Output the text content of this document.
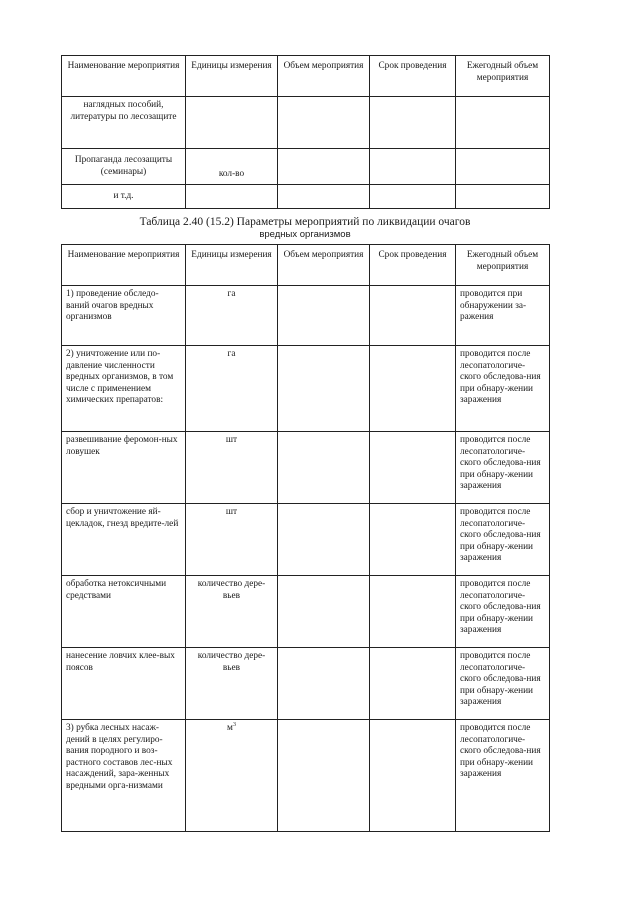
Наименование мероприятия	Единицы измерения	Объем мероприятия	Срок проведения	Ежегодный объем мероприятия
наглядных пособий, литературы по лесозащите				
Пропаганда лесозащиты (семинары)	кол-во			
и т.д.				
Таблица 2.40 (15.2) Параметры мероприятий по ликвидации очагов
вредных организмов
Наименование мероприятия	Единицы измерения	Объем мероприятия	Срок проведения	Ежегодный объем мероприятия
1) проведение обследо-ваний очагов вредных организмов	га			проводится при обнаружении за-ражения
2) уничтожение или по-давление численности вредных организмов, в том числе с применением химических препаратов:	га			проводится после лесопатологиче-ского обследова-ния при обнару-жении заражения
развешивание феромон-ных ловушек	шт			проводится после лесопатологиче-ского обследова-ния при обнару-жении заражения
сбор и уничтожение яй-цекладок, гнезд вредите-лей	шт			проводится после лесопатологиче-ского обследова-ния при обнару-жении заражения
обработка нетоксичными средствами	количество дере-вьев			проводится после лесопатологиче-ского обследова-ния при обнару-жении заражения
нанесение ловчих клее-вых поясов	количество дере-вьев			проводится после лесопатологиче-ского обследова-ния при обнару-жении заражения
3) рубка лесных насаж-дений в целях регулиро-вания породного и воз-растного составов лес-ных насаждений, зара-женных вредными орга-низмами	$м^3$			проводится после лесопатологиче-ского обследова-ния при обнару-жении заражения
